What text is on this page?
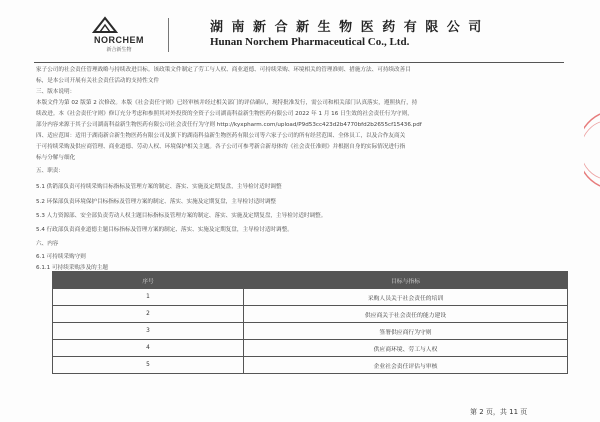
NORCHEM
新合新生物
湖 南 新 合 新 生 物 医 药 有 限 公 司
Hunan Norchem Pharmaceutical Co., Ltd.
家子公司的社会责任管理战略与持续改进目标。该政策文件制定了劳工与人权、商业道德、可持续采购、环境相关的管理准则、措施方法、可持续改善目
标，是本公司开展有关社会责任活动的支持性文件
三、版本说明：
本版文件为第 02 版第 2 次修改。本版《社会责任守则》已经审核并经过相关部门的评估确认，现特批准发行，需公司和相关部门认真落实，遵照执行，持
续改进。本《社会责任守则》修订充分考虑和参照其对外投资的全资子公司湖南科益新生物医药有限公司 2022 年 1 月 16 日生效的社会责任行为守则，
部分内容来源于其子公司湖南科益新生物医药有限公司社会责任行为守则 http://kyxpharm.com/upload/P9d53cc423d2b4770bfd2b2655cf15436.pdf
四、适应范围：适用于湖南新合新生物医药有限公司及旗下的湖南科益新生物医药有限公司等六家子公司的所有经营范围、全体员工，以及合作友商关
于可持续采购及供应商管理、商业道德、劳动人权、环境保护相关主题。各子公司可参考新合新母体的《社会责任准则》并根据自身的实际情况进行指
标与分解与细化
五、职责：
5.1 供销部负责可持续采购目标指标及管理方案的制定、落实、实施及定期复盘，主导检讨适时调整
5.2 环保部负责环境保护目标指标及管理方案的制定、落实、实施及定期复盘，主导检讨适时调整
5.3 人力资源部、安全部负责劳动人权主题目标指标及管理方案的制定、落实、实施及定期复盘，主导检讨适时调整。
5.4 行政部负责商业道德主题目标指标及管理方案的制定、落实、实施及定期复盘，主导检讨适时调整。
六、内容
6.1 可持续采购守则
6.1.1 可持续采购涉及的主题
序号	目标与指标
1	采购人员关于社会责任的培训
2	供应商关于社会责任的能力建设
3	签署供应商行为守则
4	供应商环境、劳工与人权
5	企业社会责任评估与审核
第 2 页，共 11 页
